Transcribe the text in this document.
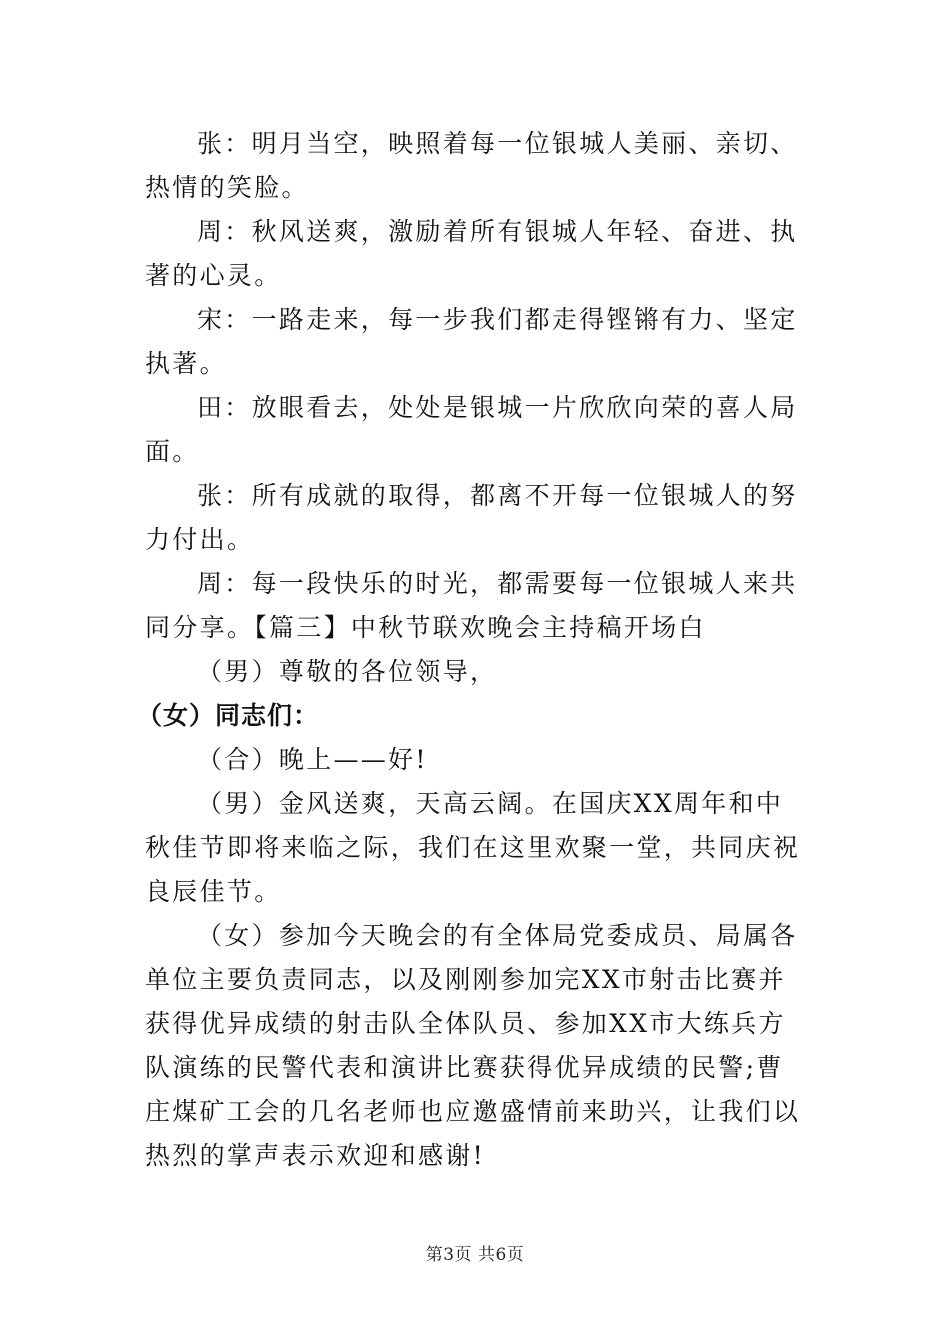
张：明月当空，映照着每一位银城人美丽、亲切、热情的笑脸。

周：秋风送爽，激励着所有银城人年轻、奋进、执著的心灵。

宋：一路走来，每一步我们都走得铿锵有力、坚定执著。

田：放眼看去，处处是银城一片欣欣向荣的喜人局面。

张：所有成就的取得，都离不开每一位银城人的努力付出。

周：每一段快乐的时光，都需要每一位银城人来共同分享。【篇三】中秋节联欢晚会主持稿开场白

（男）尊敬的各位领导，

（女）同志们：

（合）晚上——好!

（男）金风送爽，天高云阔。在国庆XX周年和中秋佳节即将来临之际，我们在这里欢聚一堂，共同庆祝良辰佳节。

（女）参加今天晚会的有全体局党委成员、局属各单位主要负责同志，以及刚刚参加完XX市射击比赛并获得优异成绩的射击队全体队员、参加XX市大练兵方队演练的民警代表和演讲比赛获得优异成绩的民警;曹庄煤矿工会的几名老师也应邀盛情前来助兴，让我们以热烈的掌声表示欢迎和感谢!

第3页 共6页
